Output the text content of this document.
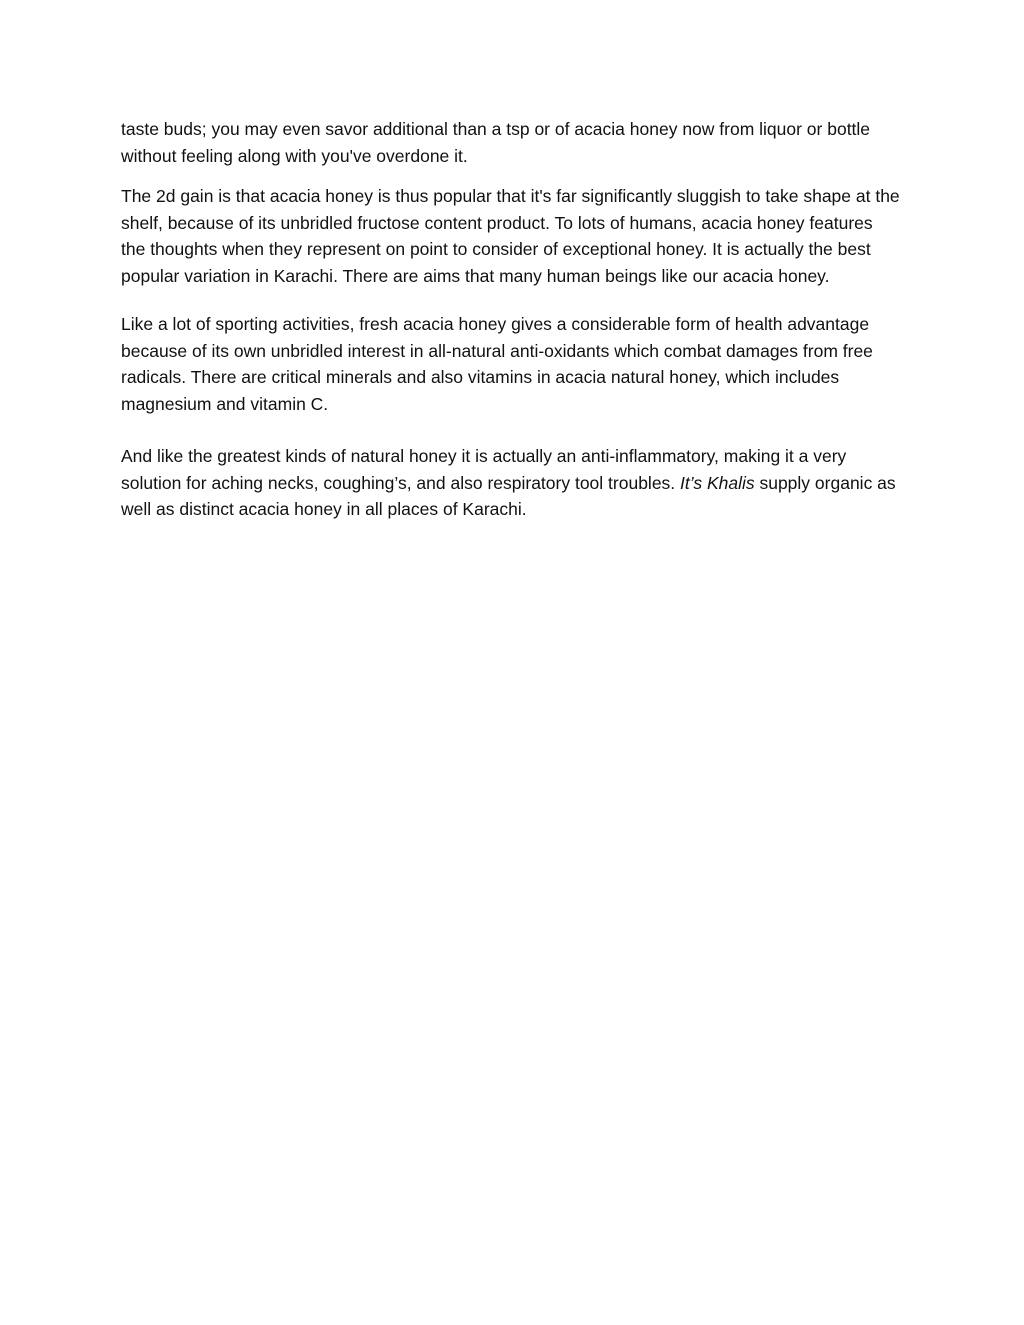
taste buds; you may even savor additional than a tsp or of acacia honey now from liquor or bottle without feeling along with you've overdone it.

The 2d gain is that acacia honey is thus popular that it's far significantly sluggish to take shape at the shelf, because of its unbridled fructose content product. To lots of humans, acacia honey features the thoughts when they represent on point to consider of exceptional honey. It is actually the best popular variation in Karachi. There are aims that many human beings like our acacia honey.

Like a lot of sporting activities, fresh acacia honey gives a considerable form of health advantage because of its own unbridled interest in all-natural anti-oxidants which combat damages from free radicals. There are critical minerals and also vitamins in acacia natural honey, which includes magnesium and vitamin C.

And like the greatest kinds of natural honey it is actually an anti-inflammatory, making it a very solution for aching necks, coughing’s, and also respiratory tool troubles. It’s Khalis supply organic as well as distinct acacia honey in all places of Karachi.
